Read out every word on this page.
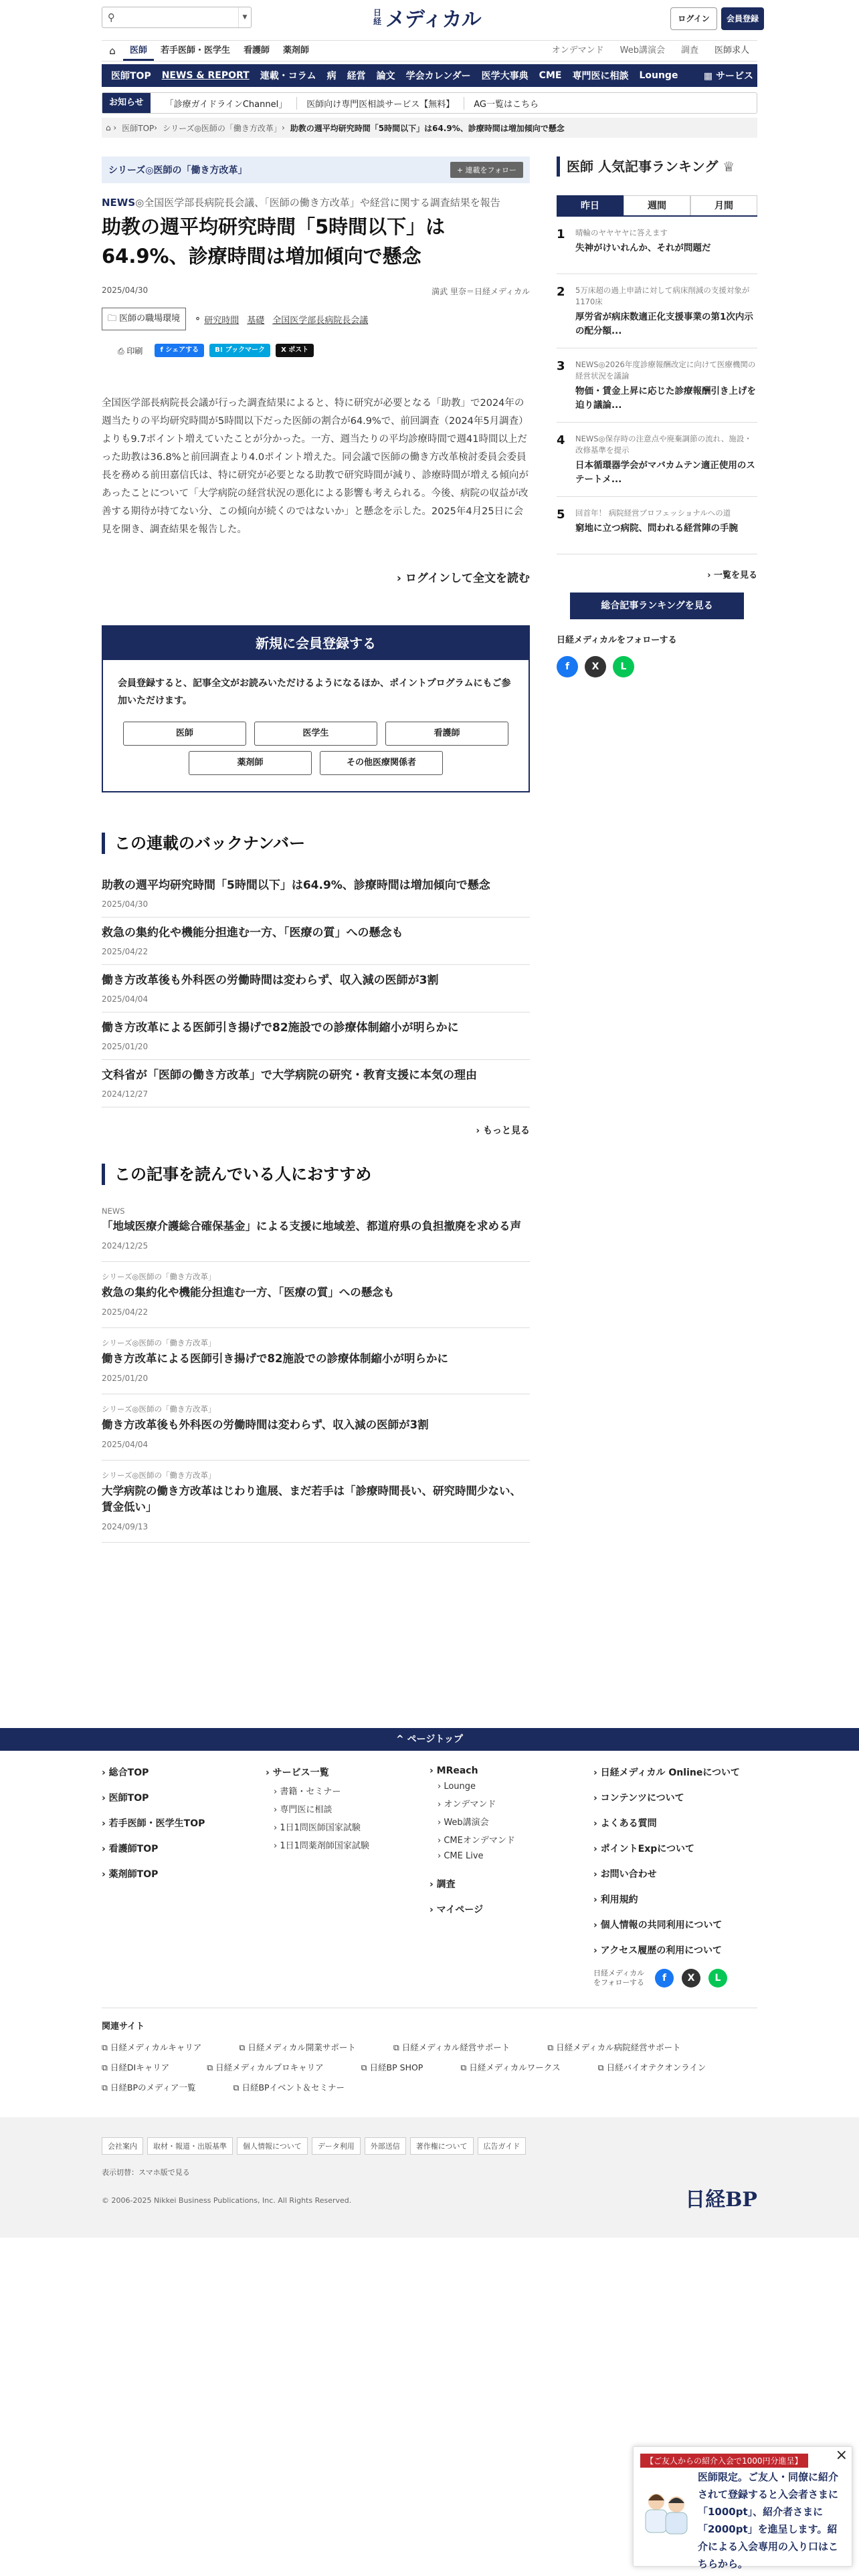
⚲	▼	日経 メディカル	ログイン	会員登録
⌂	医師	若手医師・医学生	看護師	薬剤師	オンデマンド	Web講演会	調査	医師求人
医師TOP	NEWS & REPORT	連載・コラム	病	経営	論文	学会カレンダー	医学大事典	CME	専門医に相談	Lounge	▦ サービス
お知らせ	「診療ガイドラインChannel」	医師向け専門医相談サービス【無料】	AG一覧はこちら
⌂ › 医師TOP › シリーズ◎医師の「働き方改革」 › 助教の週平均研究時間「5時間以下」は64.9%、診療時間は増加傾向で懸念
シリーズ◎医師の「働き方改革」	+ 連載をフォロー
NEWS◎全国医学部長病院長会議、「医師の働き方改革」や経営に関する調査結果を報告
助教の週平均研究時間「5時間以下」は64.9%、診療時間は増加傾向で懸念
2025/04/30	満武 里奈＝日経メディカル
🗀 医師の職場環境	⚬ 研究時間 基礎 全国医学部長病院長会議
⎙ 印刷	f シェアする	B! ブックマーク	X ポスト

全国医学部長病院長会議が行った調査結果によると、特に研究が必要となる「助教」で2024年の週当たりの平均研究時間が5時間以下だった医師の割合が64.9%で、前回調査（2024年5月調査）よりも9.7ポイント増えていたことが分かった。一方、週当たりの平均診療時間で週41時間以上だった助教は36.8%と前回調査より4.0ポイント増えた。同会議で医師の働き方改革検討委員会委員長を務める前田嘉信氏は、特に研究が必要となる助教で研究時間が減り、診療時間が増える傾向があったことについて「大学病院の経営状況の悪化による影響も考えられる。今後、病院の収益が改善する期待が持てない分、この傾向が続くのではないか」と懸念を示した。2025年4月25日に会見を開き、調査結果を報告した。

› ログインして全文を読む
新規に会員登録する
会員登録すると、記事全文がお読みいただけるようになるほか、ポイントプログラムにもご参加いただけます。
医師	医学生	看護師
薬剤師	その他医療関係者
この連載のバックナンバー
助教の週平均研究時間「5時間以下」は64.9%、診療時間は増加傾向で懸念
2025/04/30
救急の集約化や機能分担進む一方、「医療の質」への懸念も
2025/04/22
働き方改革後も外科医の労働時間は変わらず、収入減の医師が3割
2025/04/04
働き方改革による医師引き揚げで82施設での診療体制縮小が明らかに
2025/01/20
文科省が「医師の働き方改革」で大学病院の研究・教育支援に本気の理由
2024/12/27
› もっと見る
この記事を読んでいる人におすすめ
NEWS
「地域医療介護総合確保基金」による支援に地域差、都道府県の負担撤廃を求める声
2024/12/25
シリーズ◎医師の「働き方改革」
救急の集約化や機能分担進む一方、「医療の質」への懸念も
2025/04/22
シリーズ◎医師の「働き方改革」
働き方改革による医師引き揚げで82施設での診療体制縮小が明らかに
2025/01/20
シリーズ◎医師の「働き方改革」
働き方改革後も外科医の労働時間は変わらず、収入減の医師が3割
2025/04/04
シリーズ◎医師の「働き方改革」
大学病院の働き方改革はじわり進展、まだ若手は「診療時間長い、研究時間少ない、賃金低い」
2024/09/13
医師 人気記事ランキング ♕
昨日	週間	月間
1	晴輪のヤヤヤヤに答えます
失神がけいれんか、それが問題だ
2	5万床超の過上申請に対して病床削減の支援対象が1170床
厚労省が病床数適正化支援事業の第1次内示の配分額...
3	NEWS◎2026年度診療報酬改定に向けて医療機関の経営状況を議論
物価・賃金上昇に応じた診療報酬引き上げを迫り議論...
4	NEWS◎保存時の注意点や廃棄調節の流れ、施設・改修基準を提示
日本循環器学会がマバカムテン適正使用のステートメ...
5	回首年！ 病院経営プロフェッショナルへの道
窮地に立つ病院、問われる経営陣の手腕
› 一覧を見る
総合記事ランキングを見る
日経メディカルをフォローする
f	X	L
^ ページトップ
› 総合TOP
› 医師TOP
› 若手医師・医学生TOP
› 看護師TOP
› 薬剤師TOP
› サービス一覧
› 書籍・セミナー
› 専門医に相談
› 1日1問医師国家試験
› 1日1問薬剤師国家試験
› MReach
› Lounge
› オンデマンド
› Web講演会
› CMEオンデマンド
› CME Live
› 調査
› マイページ
› 日経メディカル Onlineについて
› コンテンツについて
› よくある質問
› ポイントExpについて
› お問い合わせ
› 利用規約
› 個人情報の共同利用について
› アクセス履歴の利用について
日経メディカルをフォローする	f	X	L
関連サイト
⧉ 日経メディカルキャリア	⧉ 日経メディカル開業サポート	⧉ 日経メディカル経営サポート	⧉ 日経メディカル病院経営サポート
⧉ 日経DIキャリア	⧉ 日経メディカルプロキャリア	⧉ 日経BP SHOP	⧉ 日経メディカルワークス	⧉ 日経バイオテクオンライン
⧉ 日経BPのメディア一覧	⧉ 日経BPイベント＆セミナー
会社案内	取材・報道・出版基準	個人情報について	データ利用	外部送信	著作権について	広告ガイド
表示切替：スマホ版で見る
© 2006-2025 Nikkei Business Publications, Inc. All Rights Reserved.	日経BP
×
【ご友人からの紹介入会で1000円分進呈】
医師限定。ご友人・同僚に紹介されて登録すると入会者さまに「1000pt」、紹介者さまに「2000pt」を進呈します。紹介による入会専用の入り口はこちらから。
